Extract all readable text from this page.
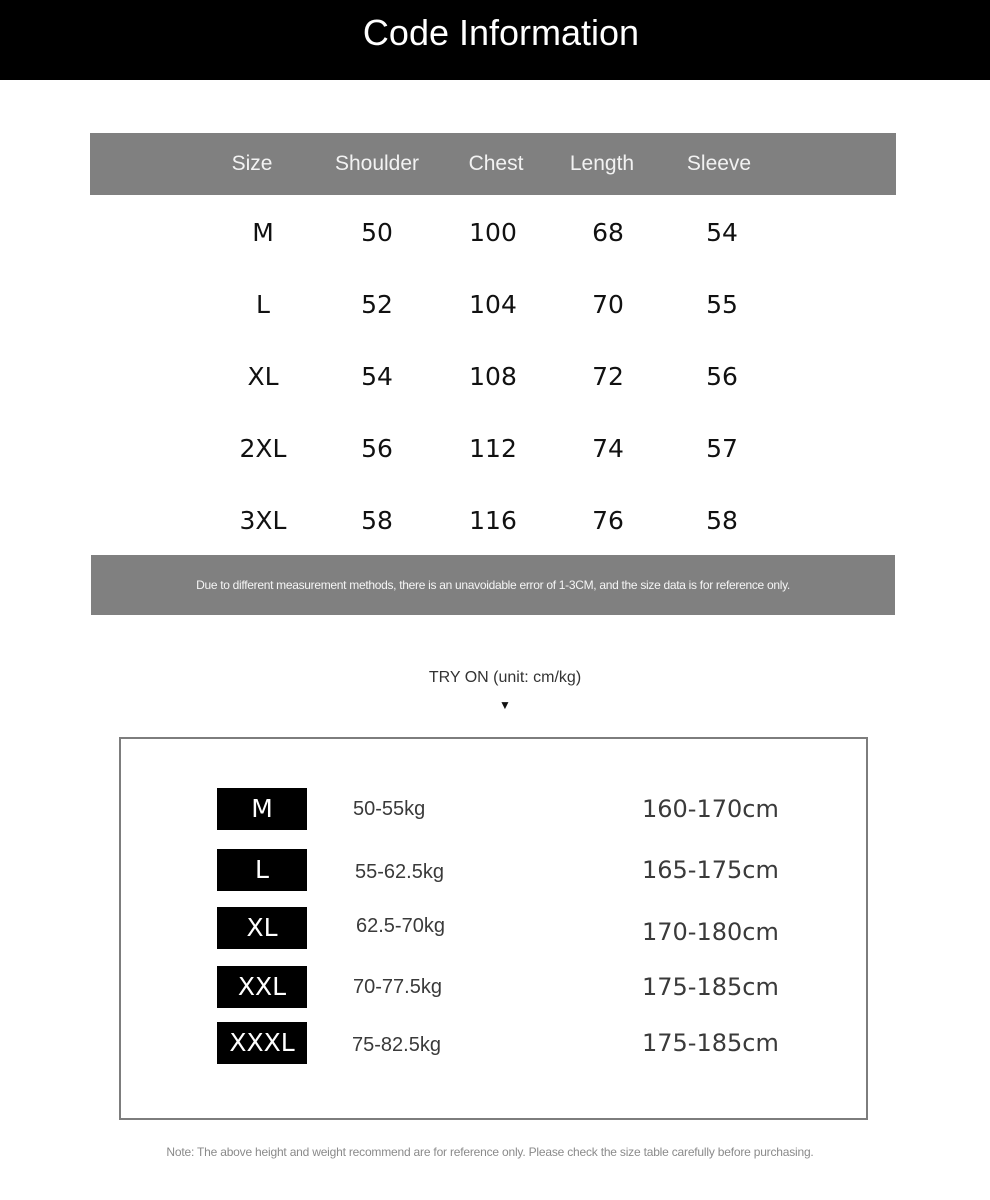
Code Information
Size	Shoulder	Chest	Length	Sleeve
M	50	100	68	54
L	52	104	70	55
XL	54	108	72	56
2XL	56	112	74	57
3XL	58	116	76	58
Due to different measurement methods, there is an unavoidable error of 1-3CM, and the size data is for reference only.
TRY ON (unit: cm/kg)
▼
M	50-55kg	160-170cm
L	55-62.5kg	165-175cm
XL	62.5-70kg	170-180cm
XXL	70-77.5kg	175-185cm
XXXL	75-82.5kg	175-185cm
Note: The above height and weight recommend are for reference only. Please check the size table carefully before purchasing.
